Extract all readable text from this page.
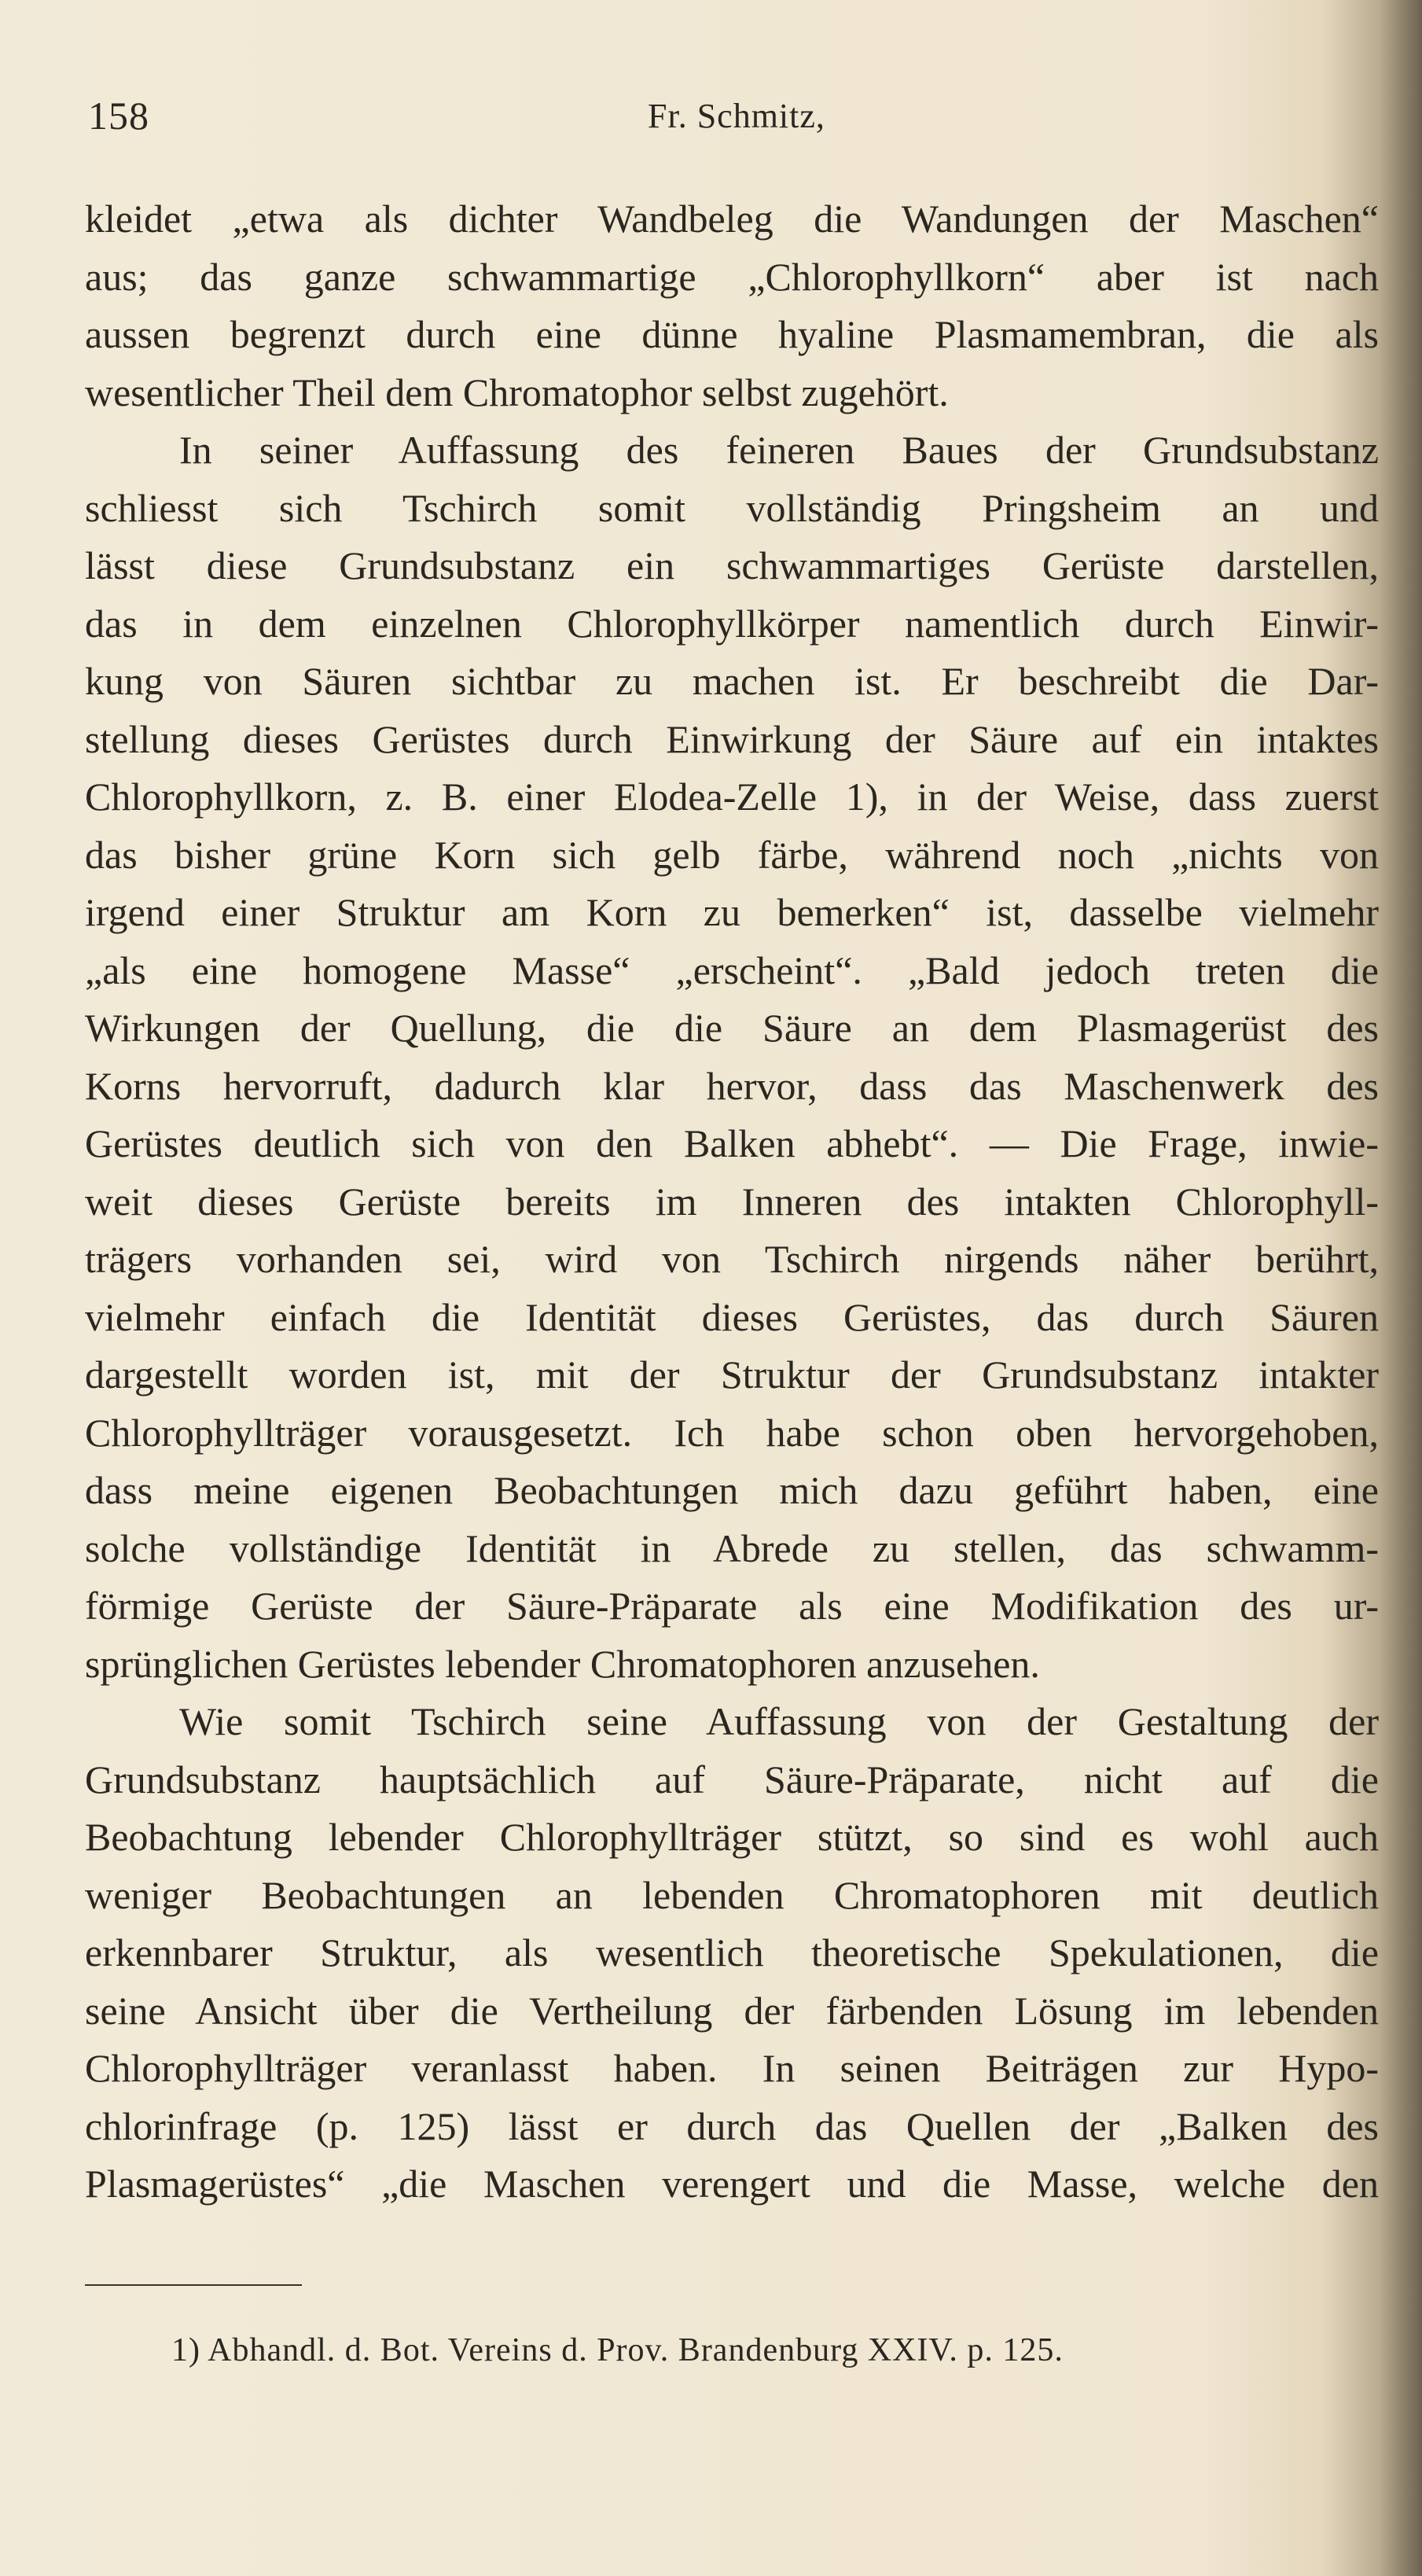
158	Fr. Schmitz,
kleidet „etwa als dichter Wandbeleg die Wandungen der Maschen“
aus; das ganze schwammartige „Chlorophyllkorn“ aber ist nach
aussen begrenzt durch eine dünne hyaline Plasmamembran, die als
wesentlicher Theil dem Chromatophor selbst zugehört.
In seiner Auffassung des feineren Baues der Grundsubstanz
schliesst sich Tschirch somit vollständig Pringsheim an und
lässt diese Grundsubstanz ein schwammartiges Gerüste darstellen,
das in dem einzelnen Chlorophyllkörper namentlich durch Einwir-
kung von Säuren sichtbar zu machen ist. Er beschreibt die Dar-
stellung dieses Gerüstes durch Einwirkung der Säure auf ein intaktes
Chlorophyllkorn, z. B. einer Elodea-Zelle 1), in der Weise, dass zuerst
das bisher grüne Korn sich gelb färbe, während noch „nichts von
irgend einer Struktur am Korn zu bemerken“ ist, dasselbe vielmehr
„als eine homogene Masse“ „erscheint“. „Bald jedoch treten die
Wirkungen der Quellung, die die Säure an dem Plasmagerüst des
Korns hervorruft, dadurch klar hervor, dass das Maschenwerk des
Gerüstes deutlich sich von den Balken abhebt“. — Die Frage, inwie-
weit dieses Gerüste bereits im Inneren des intakten Chlorophyll-
trägers vorhanden sei, wird von Tschirch nirgends näher berührt,
vielmehr einfach die Identität dieses Gerüstes, das durch Säuren
dargestellt worden ist, mit der Struktur der Grundsubstanz intakter
Chlorophyllträger vorausgesetzt. Ich habe schon oben hervorgehoben,
dass meine eigenen Beobachtungen mich dazu geführt haben, eine
solche vollständige Identität in Abrede zu stellen, das schwamm-
förmige Gerüste der Säure-Präparate als eine Modifikation des ur-
sprünglichen Gerüstes lebender Chromatophoren anzusehen.
Wie somit Tschirch seine Auffassung von der Gestaltung der
Grundsubstanz hauptsächlich auf Säure-Präparate, nicht auf die
Beobachtung lebender Chlorophyllträger stützt, so sind es wohl auch
weniger Beobachtungen an lebenden Chromatophoren mit deutlich
erkennbarer Struktur, als wesentlich theoretische Spekulationen, die
seine Ansicht über die Vertheilung der färbenden Lösung im lebenden
Chlorophyllträger veranlasst haben. In seinen Beiträgen zur Hypo-
chlorinfrage (p. 125) lässt er durch das Quellen der „Balken des
Plasmagerüstes“ „die Maschen verengert und die Masse, welche den
1) Abhandl. d. Bot. Vereins d. Prov. Brandenburg XXIV. p. 125.
